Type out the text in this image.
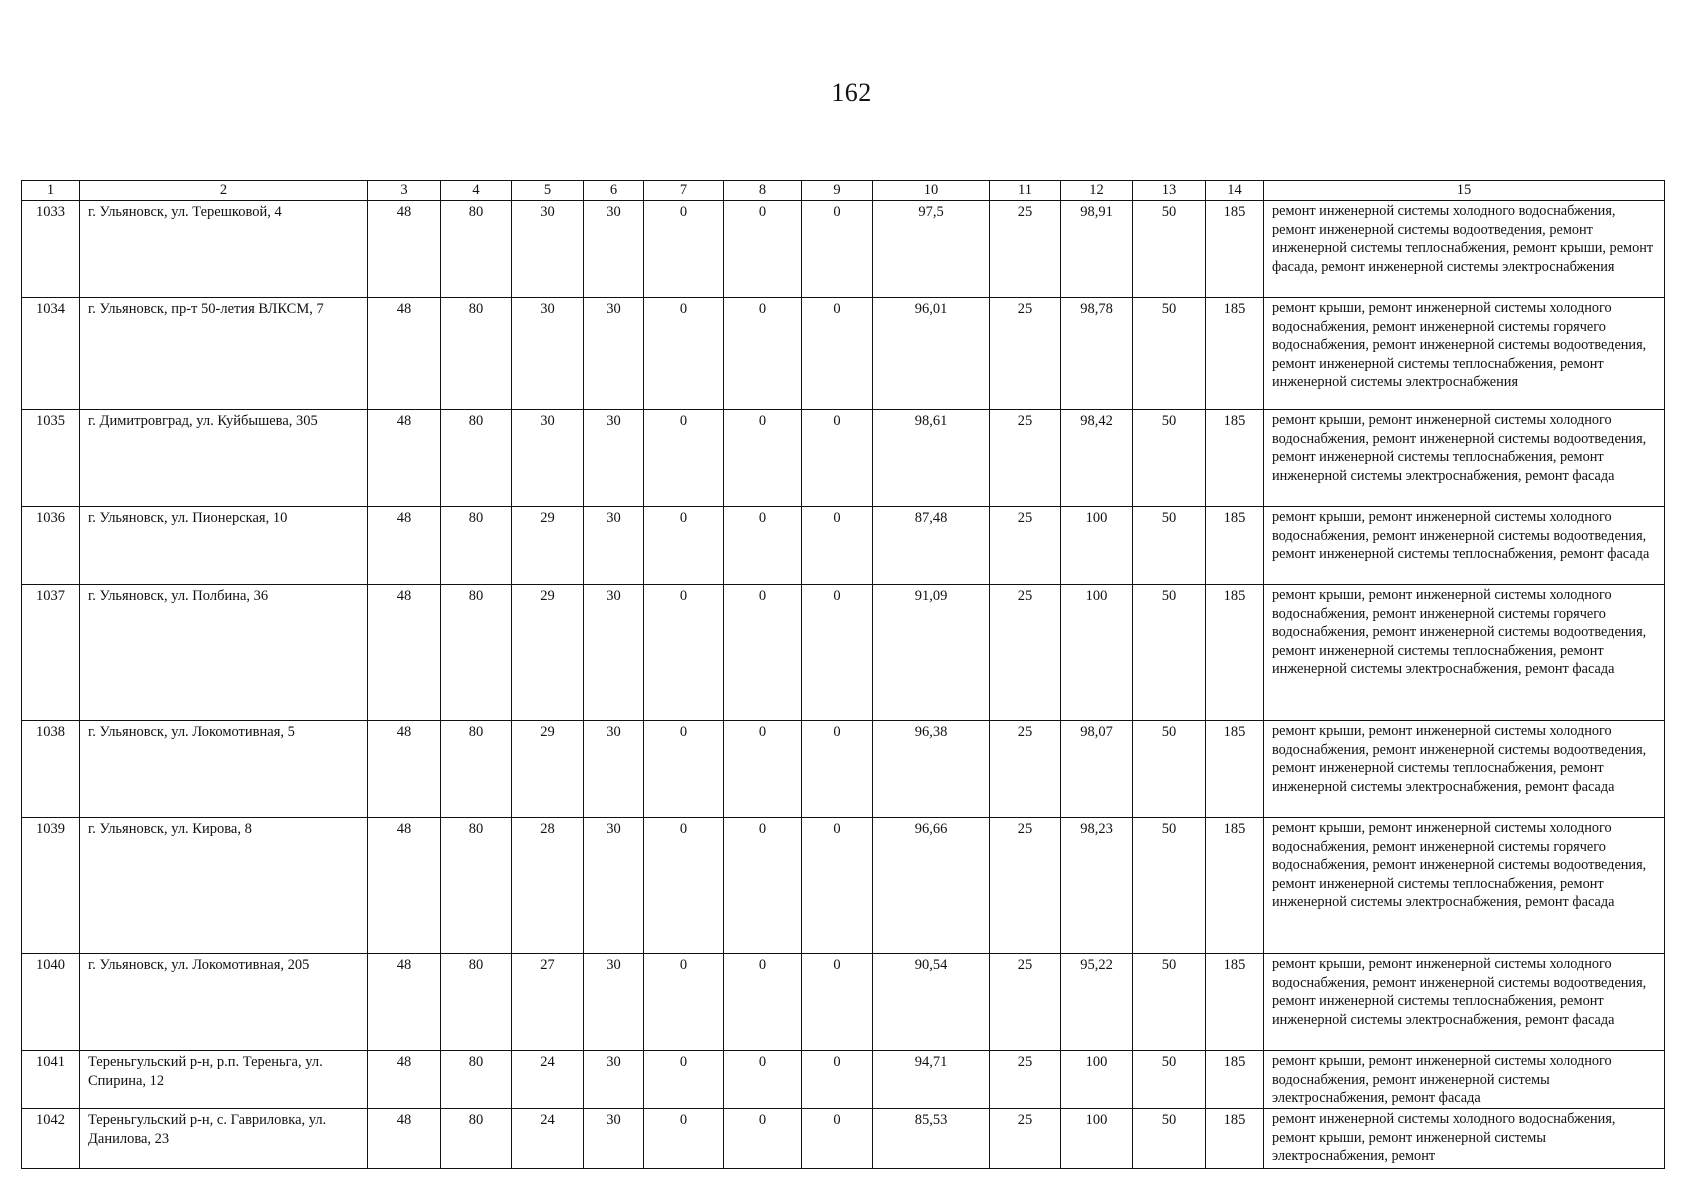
162
1	2	3	4	5	6	7	8	9	10	11	12	13	14	15
1033	г. Ульяновск, ул. Терешковой, 4	48	80	30	30	0	0	0	97,5	25	98,91	50	185	ремонт инженерной системы холодного водоснабжения, ремонт инженерной системы водоотведения, ремонт инженерной системы теплоснабжения, ремонт крыши, ремонт фасада, ремонт инженерной системы электроснабжения
1034	г. Ульяновск, пр-т 50-летия ВЛКСМ, 7	48	80	30	30	0	0	0	96,01	25	98,78	50	185	ремонт крыши, ремонт инженерной системы холодного водоснабжения, ремонт инженерной системы горячего водоснабжения, ремонт инженерной системы водоотведения, ремонт инженерной системы теплоснабжения, ремонт инженерной системы электроснабжения
1035	г. Димитровград, ул. Куйбышева, 305	48	80	30	30	0	0	0	98,61	25	98,42	50	185	ремонт крыши, ремонт инженерной системы холодного водоснабжения, ремонт инженерной системы водоотведения, ремонт инженерной системы теплоснабжения, ремонт инженерной системы электроснабжения, ремонт фасада
1036	г. Ульяновск, ул. Пионерская, 10	48	80	29	30	0	0	0	87,48	25	100	50	185	ремонт крыши, ремонт инженерной системы холодного водоснабжения, ремонт инженерной системы водоотведения, ремонт инженерной системы теплоснабжения, ремонт фасада
1037	г. Ульяновск, ул. Полбина, 36	48	80	29	30	0	0	0	91,09	25	100	50	185	ремонт крыши, ремонт инженерной системы холодного водоснабжения, ремонт инженерной системы горячего водоснабжения, ремонт инженерной системы водоотведения, ремонт инженерной системы теплоснабжения, ремонт инженерной системы электроснабжения, ремонт фасада
1038	г. Ульяновск, ул. Локомотивная, 5	48	80	29	30	0	0	0	96,38	25	98,07	50	185	ремонт крыши, ремонт инженерной системы холодного водоснабжения, ремонт инженерной системы водоотведения, ремонт инженерной системы теплоснабжения, ремонт инженерной системы электроснабжения, ремонт фасада
1039	г. Ульяновск, ул. Кирова, 8	48	80	28	30	0	0	0	96,66	25	98,23	50	185	ремонт крыши, ремонт инженерной системы холодного водоснабжения, ремонт инженерной системы горячего водоснабжения, ремонт инженерной системы водоотведения, ремонт инженерной системы теплоснабжения, ремонт инженерной системы электроснабжения, ремонт фасада
1040	г. Ульяновск, ул. Локомотивная, 205	48	80	27	30	0	0	0	90,54	25	95,22	50	185	ремонт крыши, ремонт инженерной системы холодного водоснабжения, ремонт инженерной системы водоотведения, ремонт инженерной системы теплоснабжения, ремонт инженерной системы электроснабжения, ремонт фасада
1041	Тереньгульский р-н, р.п. Тереньга, ул. Спирина, 12	48	80	24	30	0	0	0	94,71	25	100	50	185	ремонт крыши, ремонт инженерной системы холодного водоснабжения, ремонт инженерной системы электроснабжения, ремонт фасада
1042	Тереньгульский р-н, с. Гавриловка, ул. Данилова, 23	48	80	24	30	0	0	0	85,53	25	100	50	185	ремонт инженерной системы холодного водоснабжения, ремонт крыши, ремонт инженерной системы электроснабжения, ремонт
